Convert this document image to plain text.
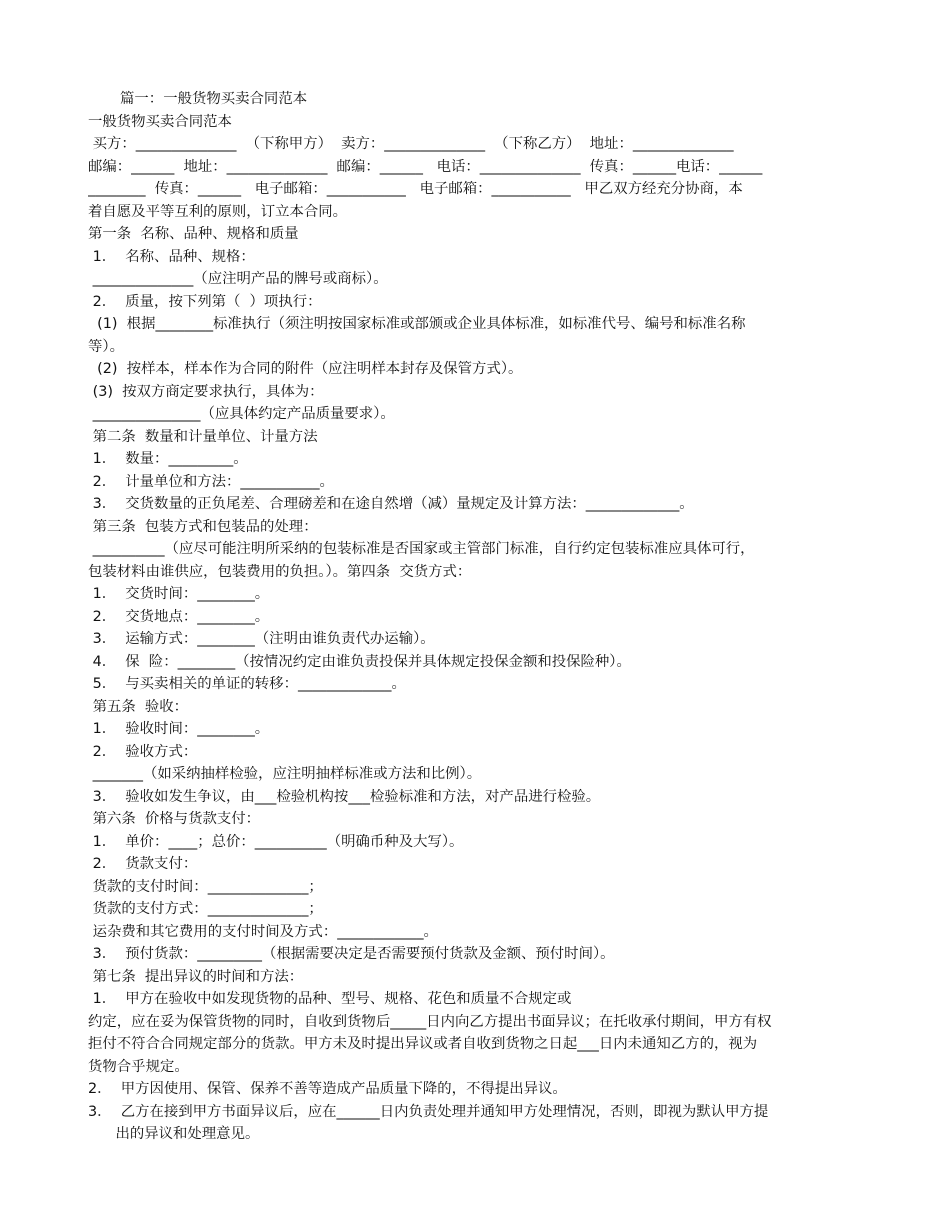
篇一：一般货物买卖合同范本
一般货物买卖合同范本
买方：______________  （下称甲方）  卖方：______________  （下称乙方）  地址：______________
邮编：______  地址：______________  邮编：______   电话：______________  传真：______电话：______
________  传真：______   电子邮箱：___________   电子邮箱：___________   甲乙双方经充分协商，本
着自愿及平等互利的原则，订立本合同。
第一条  名称、品种、规格和质量
1．  名称、品种、规格：
______________（应注明产品的牌号或商标）。
2．  质量，按下列第（  ）项执行：
(1)  根据________标准执行（须注明按国家标准或部颁或企业具体标准，如标准代号、编号和标准名称
等）。
(2)  按样本，样本作为合同的附件（应注明样本封存及保管方式）。
(3)  按双方商定要求执行，具体为：
_______________（应具体约定产品质量要求）。
第二条  数量和计量单位、计量方法
1．  数量：_________。
2．  计量单位和方法：___________。
3．  交货数量的正负尾差、合理磅差和在途自然增（减）量规定及计算方法：_____________。
第三条  包装方式和包装品的处理：
__________（应尽可能注明所采纳的包装标准是否国家或主管部门标准，自行约定包装标准应具体可行，
包装材料由谁供应，包装费用的负担。）。第四条  交货方式：
1．  交货时间：________。
2．  交货地点：________。
3．  运输方式：________（注明由谁负责代办运输）。
4．  保  险：________（按情况约定由谁负责投保并具体规定投保金额和投保险种）。
5．  与买卖相关的单证的转移：_____________。
第五条  验收：
1．  验收时间：________。
2．  验收方式：
_______（如采纳抽样检验，应注明抽样标准或方法和比例）。
3．  验收如发生争议，由___检验机构按___检验标准和方法，对产品进行检验。
第六条  价格与货款支付：
1．  单价：____；总价：__________（明确币种及大写）。
2．  货款支付：
货款的支付时间：______________；
货款的支付方式：______________；
运杂费和其它费用的支付时间及方式：____________。
3．  预付货款：_________（根据需要决定是否需要预付货款及金额、预付时间）。
第七条  提出异议的时间和方法：
1．  甲方在验收中如发现货物的品种、型号、规格、花色和质量不合规定或
约定，应在妥为保管货物的同时，自收到货物后_____日内向乙方提出书面异议；在托收承付期间，甲方有权
拒付不符合合同规定部分的货款。甲方未及时提出异议或者自收到货物之日起___日内未通知乙方的，视为
货物合乎规定。
2．  甲方因使用、保管、保养不善等造成产品质量下降的，不得提出异议。
3．  乙方在接到甲方书面异议后，应在______日内负责处理并通知甲方处理情况，否则，即视为默认甲方提
出的异议和处理意见。
